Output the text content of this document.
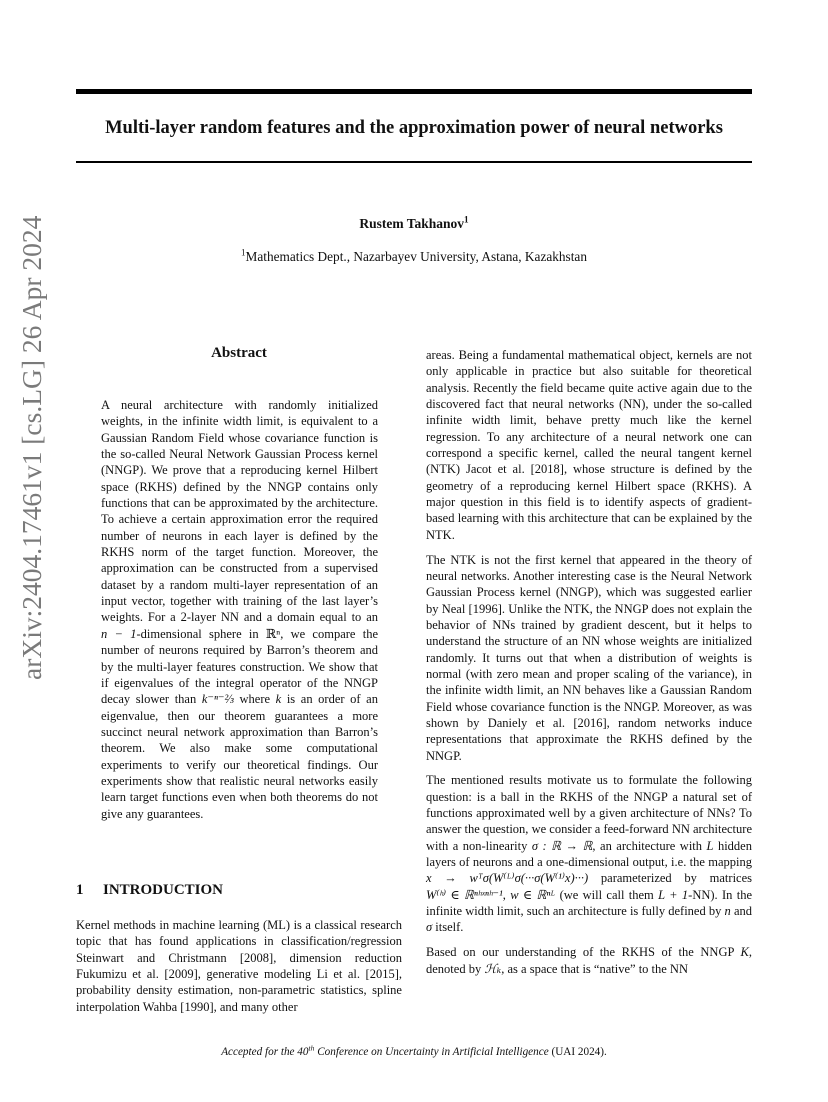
Multi-layer random features and the approximation power of neural networks
Rustem Takhanov$^1$
$^1$Mathematics Dept., Nazarbayev University, Astana, Kazakhstan
arXiv:2404.17461v1 [cs.LG] 26 Apr 2024	Abstract

A neural architecture with randomly initialized weights, in the infinite width limit, is equivalent to a Gaussian Random Field whose covariance function is the so-called Neural Network Gaussian Process kernel (NNGP). We prove that a reproducing kernel Hilbert space (RKHS) defined by the NNGP contains only functions that can be approximated by the architecture. To achieve a certain approximation error the required number of neurons in each layer is defined by the RKHS norm of the target function. Moreover, the approximation can be constructed from a supervised dataset by a random multi-layer representation of an input vector, together with training of the last layer’s weights. For a 2-layer NN and a domain equal to an n − 1-dimensional sphere in ℝⁿ, we compare the number of neurons required by Barron’s theorem and by the multi-layer features construction. We show that if eigenvalues of the integral operator of the NNGP decay slower than k⁻ⁿ⁻⅔ where k is an order of an eigenvalue, then our theorem guarantees a more succinct neural network approximation than Barron’s theorem. We also make some computational experiments to verify our theoretical findings. Our experiments show that realistic neural networks easily learn target functions even when both theorems do not give any guarantees.

1 INTRODUCTION

Kernel methods in machine learning (ML) is a classical research topic that has found applications in classification/regression Steinwart and Christmann [2008], dimension reduction Fukumizu et al. [2009], generative modeling Li et al. [2015], probability density estimation, non-parametric statistics, spline interpolation Wahba [1990], and many other

areas. Being a fundamental mathematical object, kernels are not only applicable in practice but also suitable for theoretical analysis. Recently the field became quite active again due to the discovered fact that neural networks (NN), under the so-called infinite width limit, behave pretty much like the kernel regression. To any architecture of a neural network one can correspond a specific kernel, called the neural tangent kernel (NTK) Jacot et al. [2018], whose structure is defined by the geometry of a reproducing kernel Hilbert space (RKHS). A major question in this field is to identify aspects of gradient-based learning with this architecture that can be explained by the NTK.

The NTK is not the first kernel that appeared in the theory of neural networks. Another interesting case is the Neural Network Gaussian Process kernel (NNGP), which was suggested earlier by Neal [1996]. Unlike the NTK, the NNGP does not explain the behavior of NNs trained by gradient descent, but it helps to understand the structure of an NN whose weights are initialized randomly. It turns out that when a distribution of weights is normal (with zero mean and proper scaling of the variance), in the infinite width limit, an NN behaves like a Gaussian Random Field whose covariance function is the NNGP. Moreover, as was shown by Daniely et al. [2016], random networks induce representations that approximate the RKHS defined by the NNGP.

The mentioned results motivate us to formulate the following question: is a ball in the RKHS of the NNGP a natural set of functions approximated well by a given architecture of NNs? To answer the question, we consider a feed-forward NN architecture with a non-linearity σ : ℝ → ℝ, an architecture with L hidden layers of neurons and a one-dimensional output, i.e. the mapping x → wᵀσ(W⁽ᴸ⁾σ(···σ(W⁽¹⁾x)···) parameterized by matrices W⁽ʰ⁾ ∈ ℝⁿʰˣⁿʰ⁻¹, w ∈ ℝⁿᴸ (we will call them L + 1-NN). In the infinite width limit, such an architecture is fully defined by n and σ itself.

Based on our understanding of the RKHS of the NNGP K, denoted by ℋₖ, as a space that is “native” to the NN

Accepted for the 40th Conference on Uncertainty in Artificial Intelligence (UAI 2024).
